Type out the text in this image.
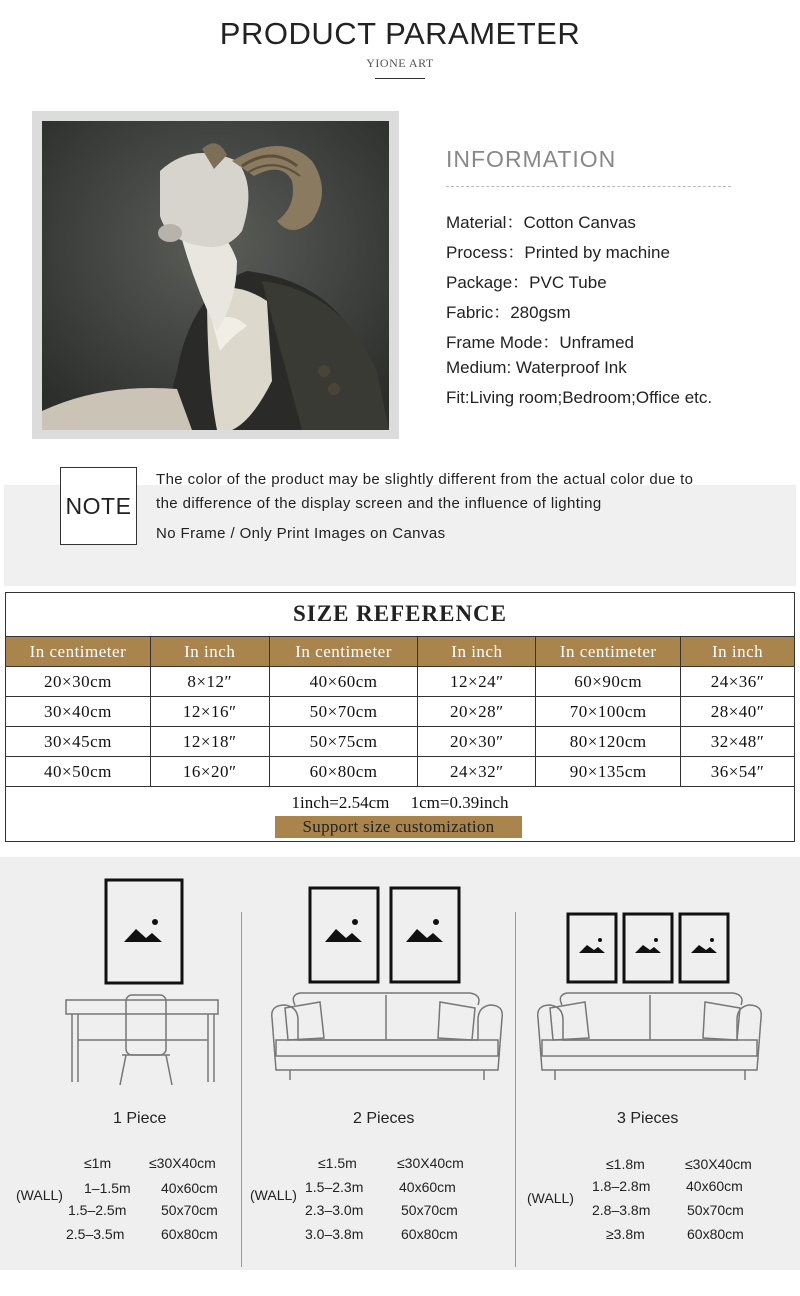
PRODUCT PARAMETER
YIONE ART
INFORMATION
Material：Cotton Canvas
Process：Printed by machine
Package：PVC Tube
Fabric：280gsm
Frame Mode：Unframed
Medium: Waterproof Ink
Fit:Living room;Bedroom;Office etc.
NOTE
The color of the product may be slightly different from the actual color due to
the difference of the display screen and the influence of lighting
No Frame / Only Print Images on Canvas
SIZE REFERENCE
In centimeter	In inch	In centimeter	In inch	In centimeter	In inch
20×30cm	8×12″	40×60cm	12×24″	60×90cm	24×36″
30×40cm	12×16″	50×70cm	20×28″	70×100cm	28×40″
30×45cm	12×18″	50×75cm	20×30″	80×120cm	32×48″
40×50cm	16×20″	60×80cm	24×32″	90×135cm	36×54″
1inch=2.54cm     1cm=0.39inch
Support size customization
1 Piece	2 Pieces	3 Pieces
(WALL)	(WALL)	(WALL)
≤1m	≤30X40cm
1–1.5m 40x60cm
1.5–2.5m 50x70cm
2.5–3.5m	60x80cm
≤1.5m	≤30X40cm
1.5–2.3m	40x60cm
2.3–3.0m	50x70cm
3.0–3.8m	60x80cm
≤1.8m	≤30X40cm
1.8–2.8m	40x60cm
2.8–3.8m	50x70cm
≥3.8m	60x80cm
